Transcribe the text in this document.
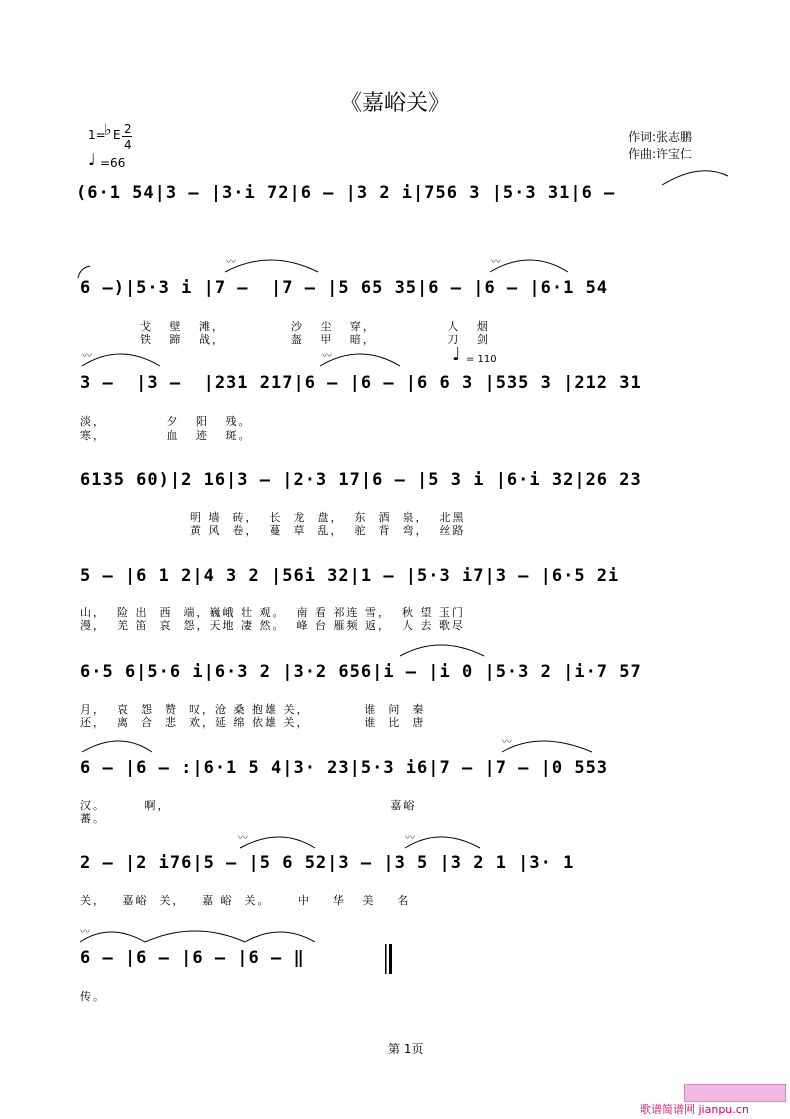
《嘉峪关》
1=
♭ E 2
4
♩ =66
作词:张志鹏
作曲:许宝仁
(6·1 54|3 – |3·i 72|6 – |3 2 i|756 3 |5·3 31|6 –
6 –)|5·3 i |7 –  |7 – |5 65 35|6 – |6 – |6·1 54
戈   壁   滩，            沙   尘   穿，             人   烟
铁   蹄   战，            盔   甲   暗，             刀   剑
♩ = 110
3 –  |3 –  |231 217|6 – |6 – |6 6 3 |535 3 |212 31
淡，           夕   阳   残。
寒，           血   迹   斑。
6135 60)|2 16|3 – |2·3 17|6 – |5 3 i |6·i 32|26 23
明 墙  砖，  长  龙  盘，  东  酒  泉，  北黑
黄 风  卷，  蔓  草  乱，  驼  背  弯，  丝路
5 – |6 1 2|4 3 2 |56i 32|1 – |5·3 i7|3 – |6·5 2i
山，  险 出  西  端，巍峨 壮 观。  南 看 祁连 雪，  秋 望 玉门
漫，  羌 笛  哀  怨，天地 凄 然。  峰 台 雁频 返，  人 去 歌尽
6·5 6|5·6 i|6·3 2 |3·2 656|i – |i 0 |5·3 2 |i·7 57
月，  哀  怨  赞  叹，沧 桑 抱雄 关，          谁  问  秦
还，  离  合  悲  欢，延 绵 依雄 关，          谁  比  唐
6 – |6 – :|6·1 5 4|3· 23|5·3 i6|7 – |7 – |0 553
汉。       啊，                                        嘉峪
蕃。
2 – |2 i76|5 – |5 6 52|3 – |3 5 |3 2 1 |3· 1
关，   嘉峪  关，   嘉 峪  关。     中    华   美    名
6 – |6 – |6 – |6 – ‖
传。
〰	〰
〰	〰
〰
〰	〰
〰
第 1页
歌谱简谱网 jianpu.cn
